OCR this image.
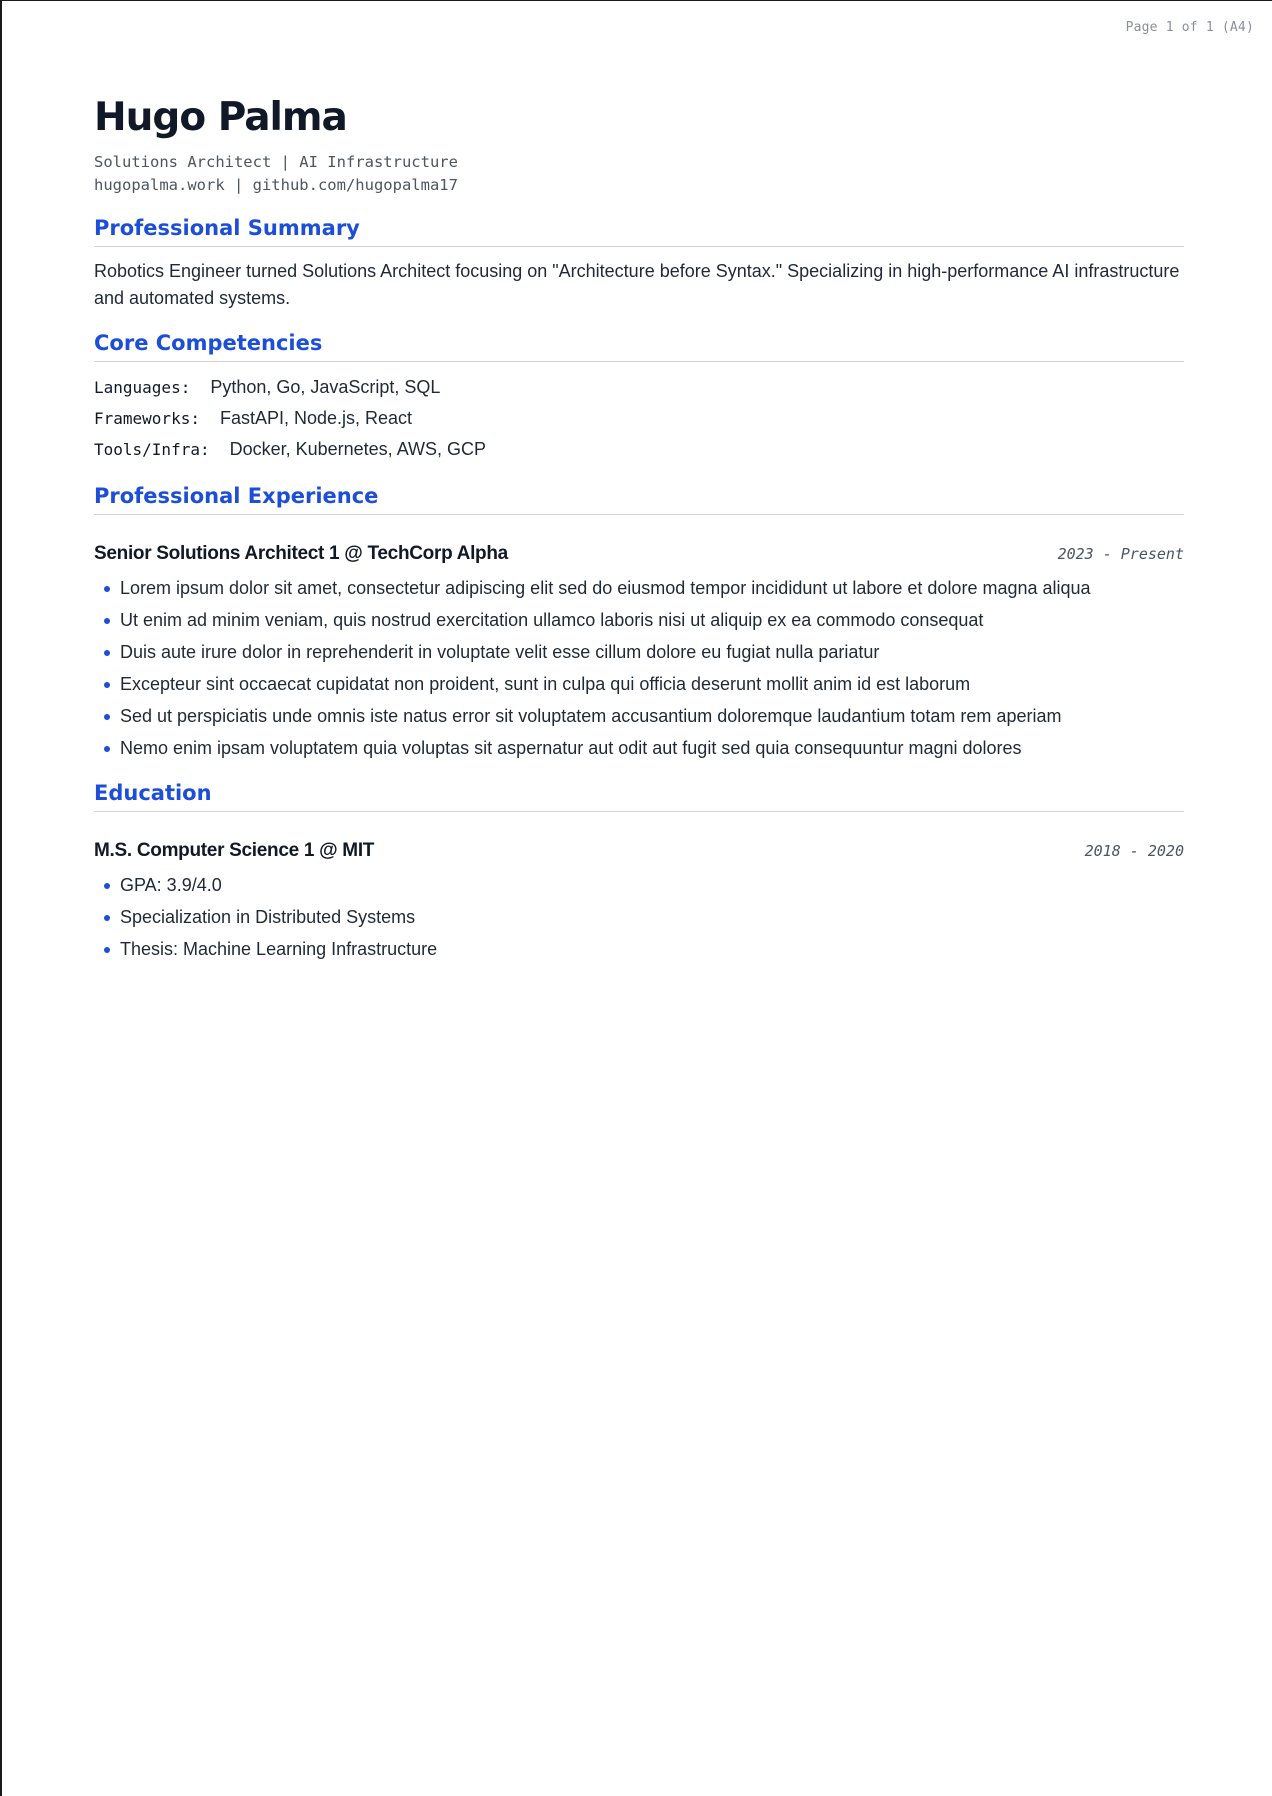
Page 1 of 1 (A4)
Hugo Palma
Solutions Architect | AI Infrastructure
hugopalma.work | github.com/hugopalma17
Professional Summary

Robotics Engineer turned Solutions Architect focusing on "Architecture before Syntax." Specializing in high-performance AI infrastructure and automated systems.

Core Competencies
Languages: Python, Go, JavaScript, SQL
Frameworks: FastAPI, Node.js, React
Tools/Infra: Docker, Kubernetes, AWS, GCP
Professional Experience
Senior Solutions Architect 1 @ TechCorp Alpha	2023 - Present
Lorem ipsum dolor sit amet, consectetur adipiscing elit sed do eiusmod tempor incididunt ut labore et dolore magna aliqua
Ut enim ad minim veniam, quis nostrud exercitation ullamco laboris nisi ut aliquip ex ea commodo consequat
Duis aute irure dolor in reprehenderit in voluptate velit esse cillum dolore eu fugiat nulla pariatur
Excepteur sint occaecat cupidatat non proident, sunt in culpa qui officia deserunt mollit anim id est laborum
Sed ut perspiciatis unde omnis iste natus error sit voluptatem accusantium doloremque laudantium totam rem aperiam
Nemo enim ipsam voluptatem quia voluptas sit aspernatur aut odit aut fugit sed quia consequuntur magni dolores
Education
M.S. Computer Science 1 @ MIT	2018 - 2020
GPA: 3.9/4.0
Specialization in Distributed Systems
Thesis: Machine Learning Infrastructure
